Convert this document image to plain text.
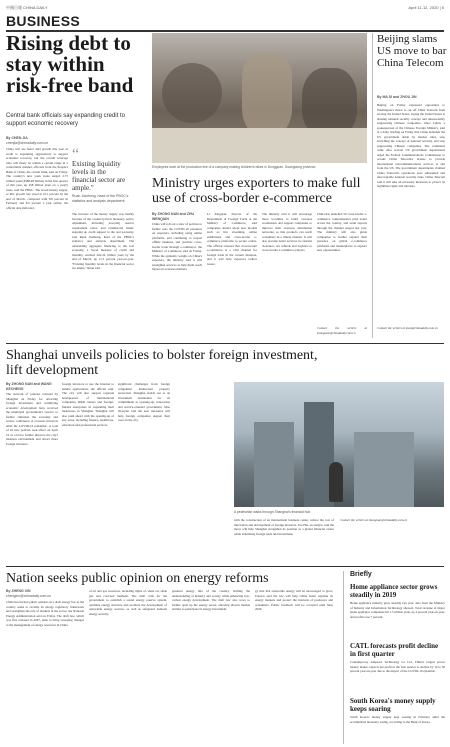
中國日報 CHINA DAILY	April 11-12, 2020 | 5
BUSINESS
Rising debt to stay within risk-free band
Central bank officials say expanding credit to support economic recovery
By CHEN JIA
chenjia@chinadaily.com.cn
China will see faster debt growth this year as credit is expanding aggressively to support economic recovery, but the overall leverage ratio will likely be within a certain range in a controllable manner, officials from the People's Bank of China, the central bank, said on Friday. The country's new yuan loans surged 2.73 trillion yuan ($388.48 billion) in the first quarter of this year, up 458 billion yuan on a yearly basis, said the PBOC. The broad money supply, or M2, growth rate stood at 10.1 percent by the end of March, compared with 8.8 percent in February and 8.6 percent a year earlier, the official data indicated.
“
Existing liquidity levels in the financial sector are ample."
Ruan Jianhong, head of the PBOC's statistics and analysis department
The increase of the money supply was mainly because of the countercyclical monetary policy adjustment, including lowering reserve requirement ratios, and commercial banks' stepping up credit support to the real economy, said Ruan Jianhong, head of the PBOC's statistics and analysis department. The outstanding aggregate financing to the real economy, a broad measure of credit and liquidity, reached 262.24 trillion yuan by the end of March, up 11.5 percent year-on-year. "Existing liquidity levels in the financial sector are ample," Ruan said.
Employees work at the production line of a company making children's bikes in Dongguan, Guangdong province.
Ministry urges exporters to make full use of cross-border e-commerce
By ZHONG NAN and ZHU WENQIAN
China will roll out a slew of policies to further ease the COVID-19 pressures on exporters, including using online platforms, and continuing to reopen offline business, and promote cross-border trade through e-commerce, the Ministry of Commerce said on Friday. While the epidemic weighs on China's exporters, the ministry said it will strengthen services to help them reach buyers in overseas markets.
Li Xingqian, director of the Department of Foreign Trade at the Ministry of Commerce, said companies should adopt new models such as live streaming, online exhibitions and cross-border e-commerce platforms to secure orders. The official stressed that cross-border e-commerce is a vital channel for foreign trade in the current situation, and it will help exporters reduce losses.
The ministry said it will encourage more localities to build overseas warehouses and support companies to improve their overseas distribution networks, so that products can reach consumers in a timely manner. It will also provide better services in customs clearance, tax refunds and logistics to cross-border e-commerce players.
China has launched 59 cross-border e-commerce comprehensive pilot zones across the country, and retail exports through the channel surged last year. The ministry will also guide companies to further expand their presence on global e-commerce platforms and marketplaces to explore new opportunities.
Contact the writers at zhongnan@chinadaily.com.cn
Beijing slams US move to bar China Telecom
By MA SI and ZHOU JIN
Beijing on Friday expressed opposition to Washington's threat to cut off China Telecom from serving the United States, saying the United States is abusing national security concept and unreasonably suppressing Chinese companies. Zhao Lijian, a spokesperson of the Chinese Foreign Ministry, said at a daily briefing on Friday that China demands the US government abide by market rules, stop stretching the concept of national security, and stop suppressing Chinese companies. The comments came after several US government departments urged the Federal Communications Commission to revoke China Telecom's license to provide international telecommunications services to and from the US. The government departments claimed China Telecom's operations pose substantial and unacceptable national security risks. China Telecom said it will take all necessary measures to protect its legitimate rights and interests.
Contact the writers at masi@chinadaily.com.cn
Shanghai unveils policies to bolster foreign investment, lift development
By ZHONG NAN and WANG KECHENG
The network of policies released by Shanghai on Friday for attracting foreign investment and solidifying economic development have received the municipal government's resolve to further stimulate the economy and restore confidence of overseas investors amid the COVID-19 pandemic. A total of 24 new policies took effect on April 10 as a bid to further improve the city's business environment and attract more foreign investors.
foreign investors to use the Internet to handle applications, the official said. The city will also support regional headquarters of multinational companies, R&D centers and foreign-funded enterprises in expanding their businesses in Shanghai. Shanghai will also push ahead with the opening-up of key areas, including finance, healthcare, education and professional services.
significant challenges from foreign companies' intellectual property protection. Shanghai stands out as an investment destination for its commitment to opening-up, innovation and service-oriented government. Mao Xiaoyun said the new measures will help foreign companies deepen their roots in the city.
A pedestrian walks through Shanghai's financial hub.
with the construction of an international business center, reduce the cost of innovation and development of foreign investors. Tao Hai, an analyst, said the move will help Shanghai strengthen its position as a global financial center while stabilizing foreign trade and investment.
Contact the writers at zhongnan@chinadaily.com.cn
Nation seeks public opinion on energy reforms
By ZHENG XIN
zhengxin@chinadaily.com.cn
China has invited public opinion on a draft energy law as the country seeks to revamp its energy regulatory framework and strengthen the role of markets in the sector, the National Energy Administration said on Friday. The draft law, which was first released in 2007, aims to bring sweeping changes to the management of energy resources in China.
of oil and gas resources, including rights of, shale oil, shale gas and coal-bed methane. The draft calls for the government to establish a sound energy reserve system, optimize energy structure and promote the development of renewable energy sources, as well as safeguard national energy security.
greenest energy mix of the country, shifting the understanding of industry and society while enhancing low-carbon energy development. The draft law also vows to further open up the energy sector, allowing diverse market entities to participate in energy investment.
gy mix that renewable energy will be encouraged to grow. Experts said the law will help China better regulate its energy markets and protect the interests of producers and consumers. Public feedback will be accepted until May 2020.
Briefly
Home appliance sector grows steadily in 2019
Home appliance industry grew steadily last year, data from the Ministry of Industry and Information Technology showed. Total revenue of major home appliance companies hit 1.5 trillion yuan, up 4 percent year-on-year, and profits rose 7 percent.
CATL forecasts profit decline in first quarter
Contemporary Amperex Technology Co Ltd, China's largest power battery maker, expects net profit in the first quarter to decline by 10 to 30 percent year-on-year due to the impact of the COVID-19 epidemic.
South Korea's money supply keeps soaring
South Korea's money supply kept soaring in February amid the accumulated monetary easing, according to the Bank of Korea.
